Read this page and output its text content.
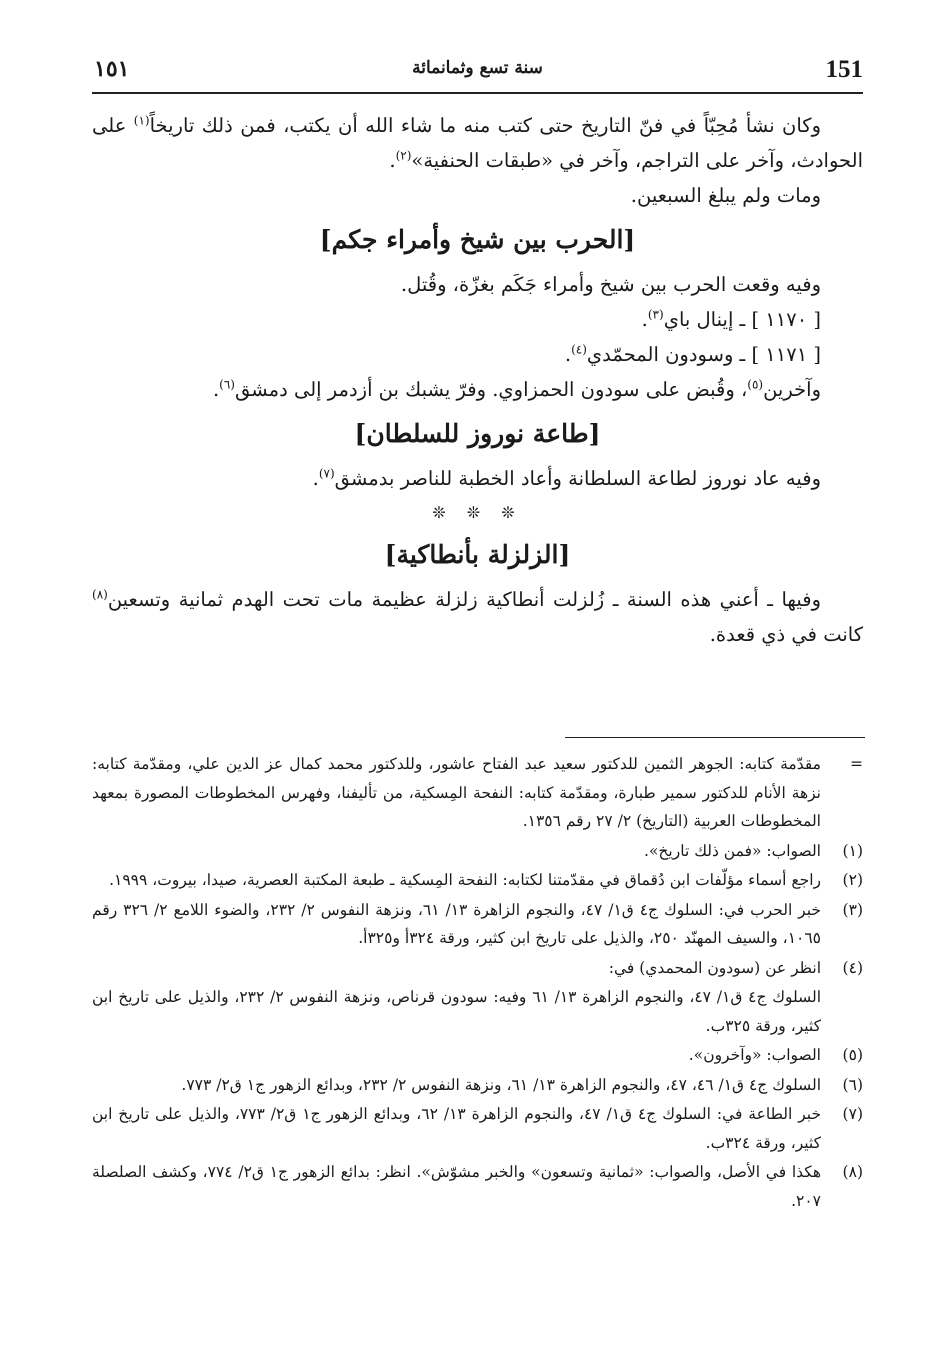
151
سنة تسع وثمانمائة
١٥١

وكان نشأ مُحِبّاً في فنّ التاريخ حتى كتب منه ما شاء الله أن يكتب، فمن ذلك تاريخاً$^{(١)}$ على الحوادث، وآخر على التراجم، وآخر في «طبقات الحنفية»$^{(٢)}$.

ومات ولم يبلغ السبعين.

[الحرب بين شيخ وأمراء جكم]

وفيه وقعت الحرب بين شيخ وأمراء جَكَم بغزّة، وقُتل.

[ ١١٧٠ ] ـ إينال باي$^{(٣)}$.

[ ١١٧١ ] ـ وسودون المحمّدي$^{(٤)}$.

وآخرين$^{(٥)}$، وقُبض على سودون الحمزاوي. وفرّ يشبك بن أزدمر إلى دمشق$^{(٦)}$.

[طاعة نوروز للسلطان]

وفيه عاد نوروز لطاعة السلطانة وأعاد الخطبة للناصر بدمشق$^{(٧)}$.

❊ ❊ ❊
[الزلزلة بأنطاكية]

وفيها ـ أعني هذه السنة ـ زُلزلت أنطاكية زلزلة عظيمة مات تحت الهدم ثمانية وتسعين$^{(٨)}$ كانت في ذي قعدة.

=
مقدّمة كتابه: الجوهر الثمين للدكتور سعيد عبد الفتاح عاشور، وللدكتور محمد كمال عز الدين علي، ومقدّمة كتابه: نزهة الأنام للدكتور سمير طبارة، ومقدّمة كتابه: النفحة المِسكية، من تأليفنا، وفهرس المخطوطات المصورة بمعهد المخطوطات العربية (التاريخ) ٢/ ٢٧ رقم ١٣٥٦.
(١)
الصواب: «فمن ذلك تاريخ».
(٢)
راجع أسماء مؤلّفات ابن دُقماق في مقدّمتنا لكتابه: النفحة المِسكية ـ طبعة المكتبة العصرية، صيدا، بيروت، ١٩٩٩.
(٣)
خبر الحرب في: السلوك ج٤ ق١/ ٤٧، والنجوم الزاهرة ١٣/ ٦١، ونزهة النفوس ٢/ ٢٣٢، والضوء اللامع ٢/ ٣٢٦ رقم ١٠٦٥، والسيف المهنّد ٢٥٠، والذيل على تاريخ ابن كثير، ورقة ٣٢٤أ و٣٢٥أ.
(٤)
انظر عن (سودون المحمدي) في:
السلوك ج٤ ق١/ ٤٧، والنجوم الزاهرة ١٣/ ٦١ وفيه: سودون قرناص، ونزهة النفوس ٢/ ٢٣٢، والذيل على تاريخ ابن كثير، ورقة ٣٢٥ب.
(٥)
الصواب: «وآخرون».
(٦)
السلوك ج٤ ق١/ ٤٦، ٤٧، والنجوم الزاهرة ١٣/ ٦١، ونزهة النفوس ٢/ ٢٣٢، وبدائع الزهور ج١ ق٢/ ٧٧٣.
(٧)
خبر الطاعة في: السلوك ج٤ ق١/ ٤٧، والنجوم الزاهرة ١٣/ ٦٢، وبدائع الزهور ج١ ق٢/ ٧٧٣، والذيل على تاريخ ابن كثير، ورقة ٣٢٤ب.
(٨)
هكذا في الأصل، والصواب: «ثمانية وتسعون» والخبر مشوّش». انظر: بدائع الزهور ج١ ق٢/ ٧٧٤، وكشف الصلصلة ٢٠٧.
